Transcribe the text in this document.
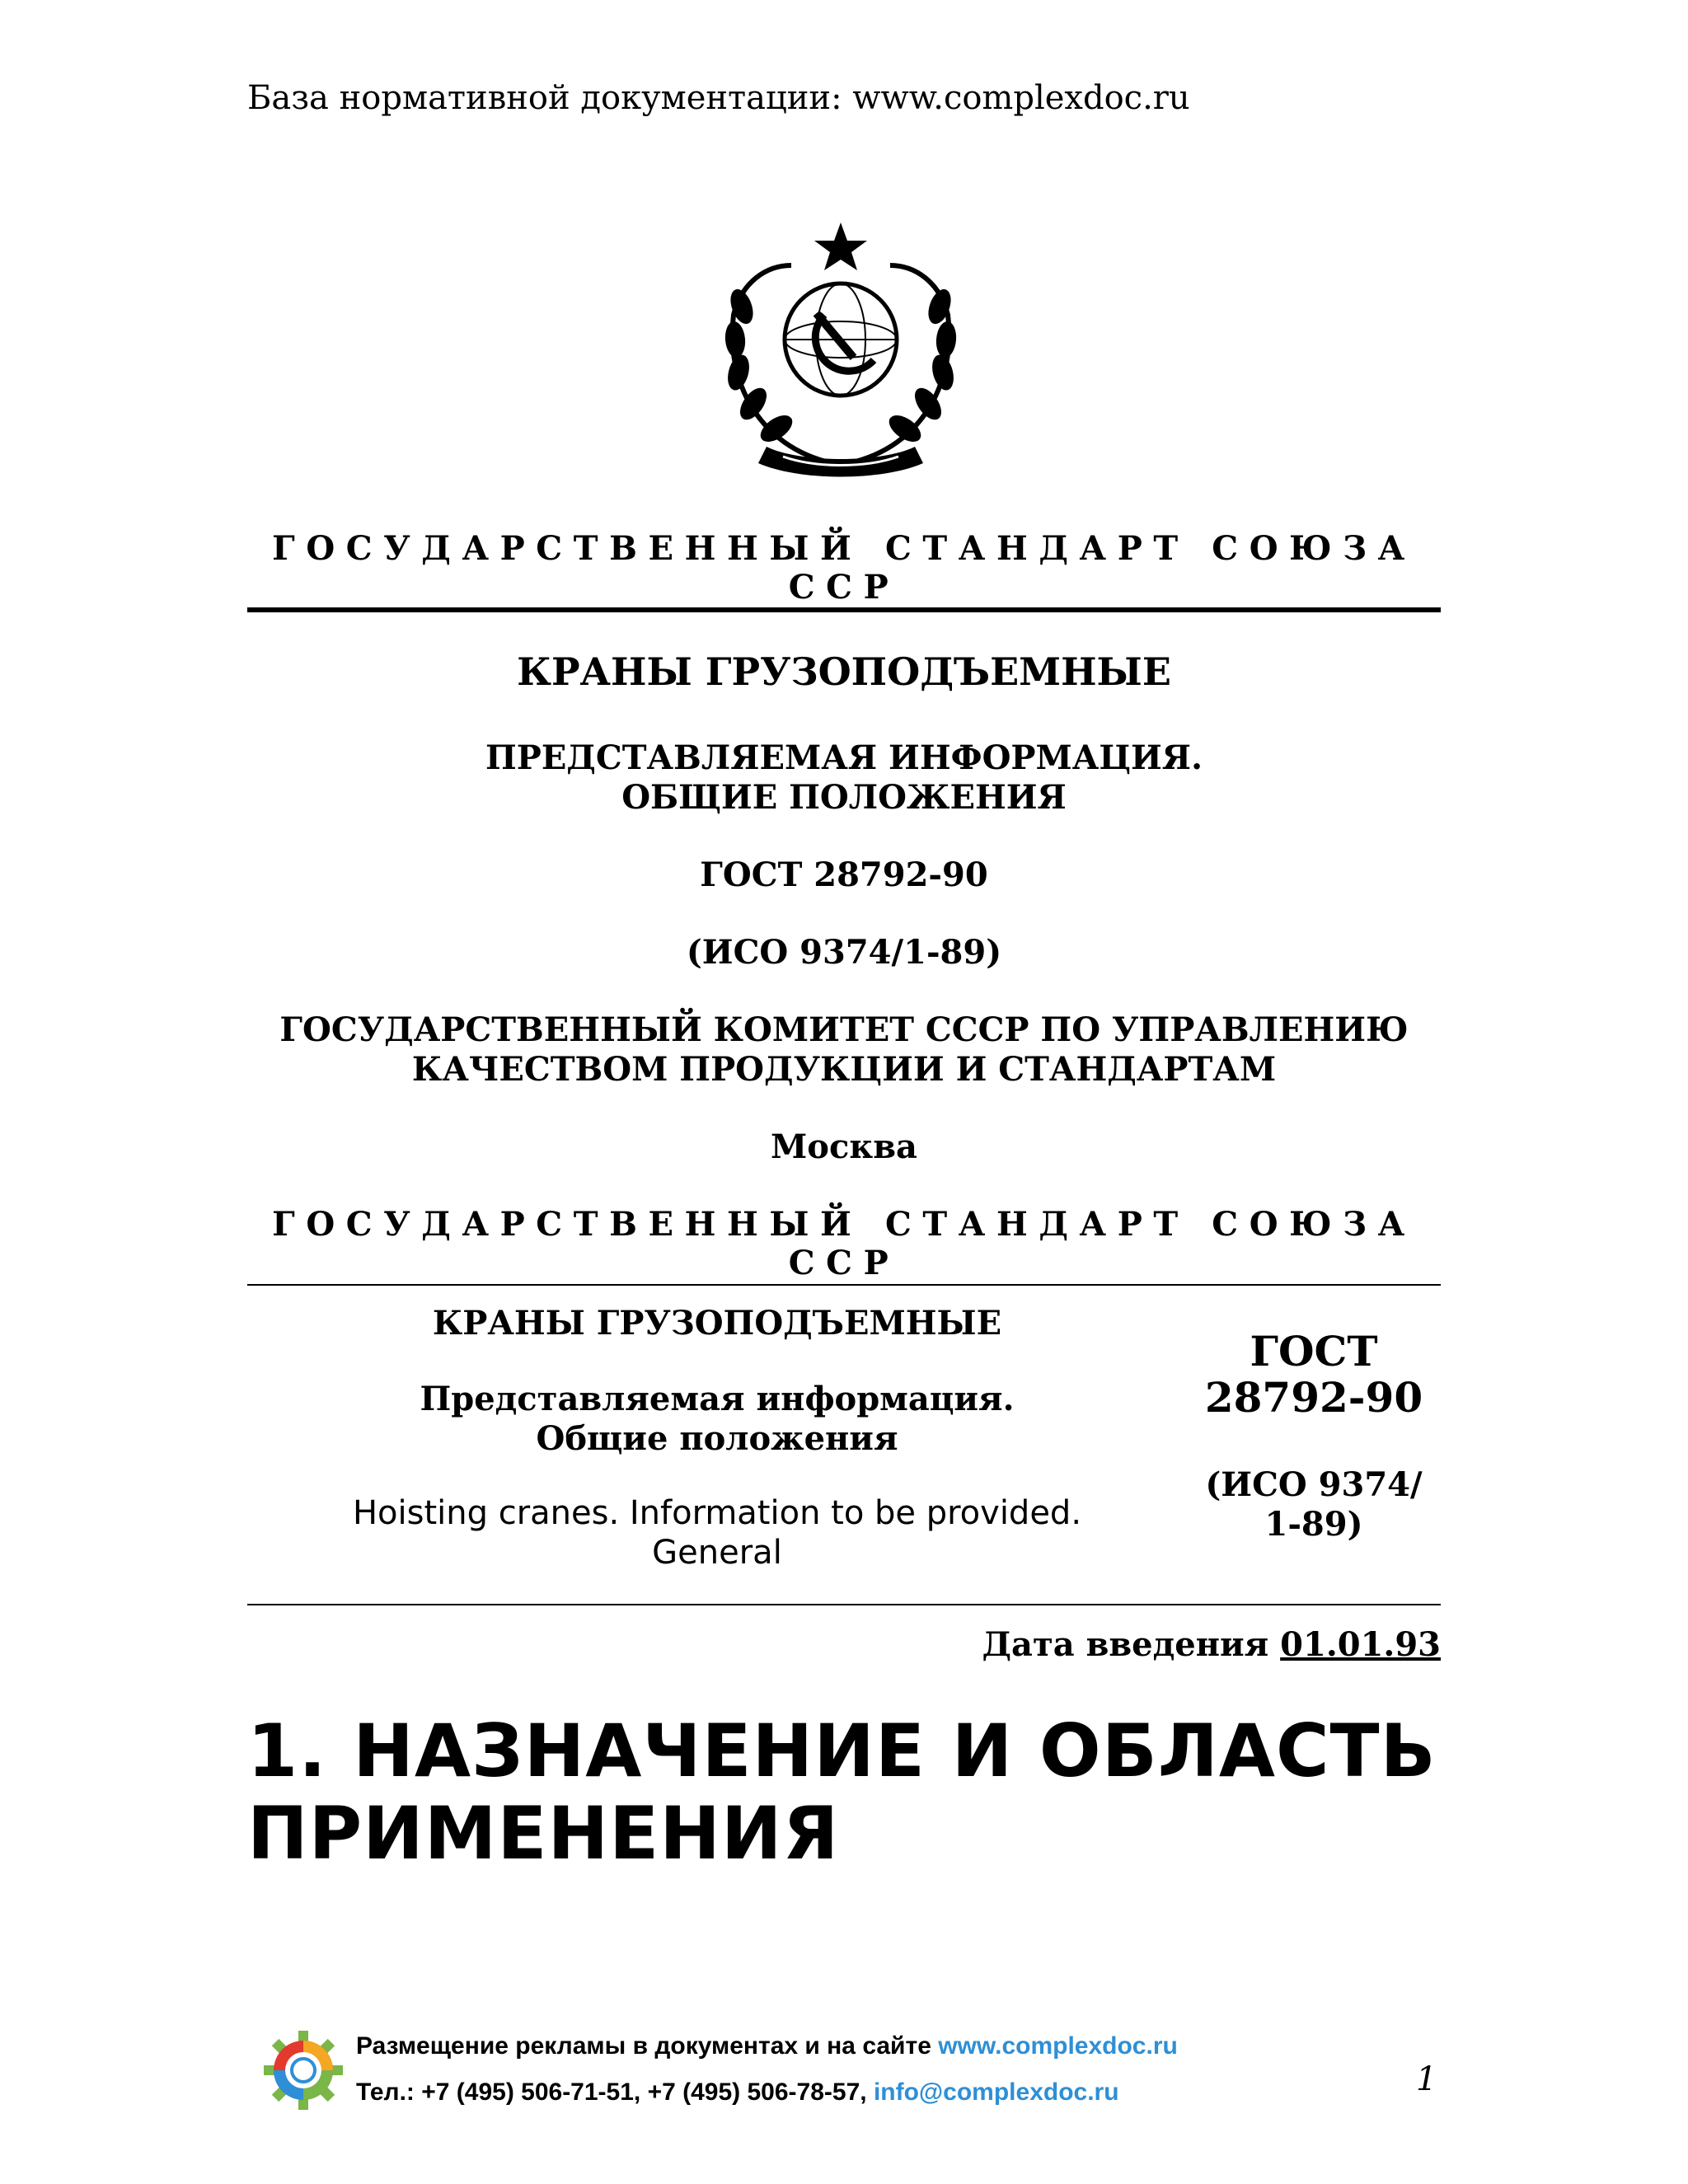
База нормативной документации: www.complexdoc.ru
ГОСУДАРСТВЕННЫЙ СТАНДАРТ СОЮЗА ССР
КРАНЫ ГРУЗОПОДЪЕМНЫЕ
ПРЕДСТАВЛЯЕМАЯ ИНФОРМАЦИЯ.
ОБЩИЕ ПОЛОЖЕНИЯ
ГОСТ 28792-90
(ИСО 9374/1-89)
ГОСУДАРСТВЕННЫЙ КОМИТЕТ СССР ПО УПРАВЛЕНИЮ
КАЧЕСТВОМ ПРОДУКЦИИ И СТАНДАРТАМ
Москва
ГОСУДАРСТВЕННЫЙ СТАНДАРТ СОЮЗА ССР
КРАНЫ ГРУЗОПОДЪЕМНЫЕ
Представляемая информация.
Общие положения
Hoisting cranes. Information to be provided.
General
ГОСТ
28792-90
(ИСО 9374/
1-89)
Дата введения 01.01.93
1. НАЗНАЧЕНИЕ И ОБЛАСТЬ
ПРИМЕНЕНИЯ
Размещение рекламы в документах и на сайте www.complexdoc.ru
Тел.: +7 (495) 506-71-51, +7 (495) 506-78-57, info@complexdoc.ru	1
